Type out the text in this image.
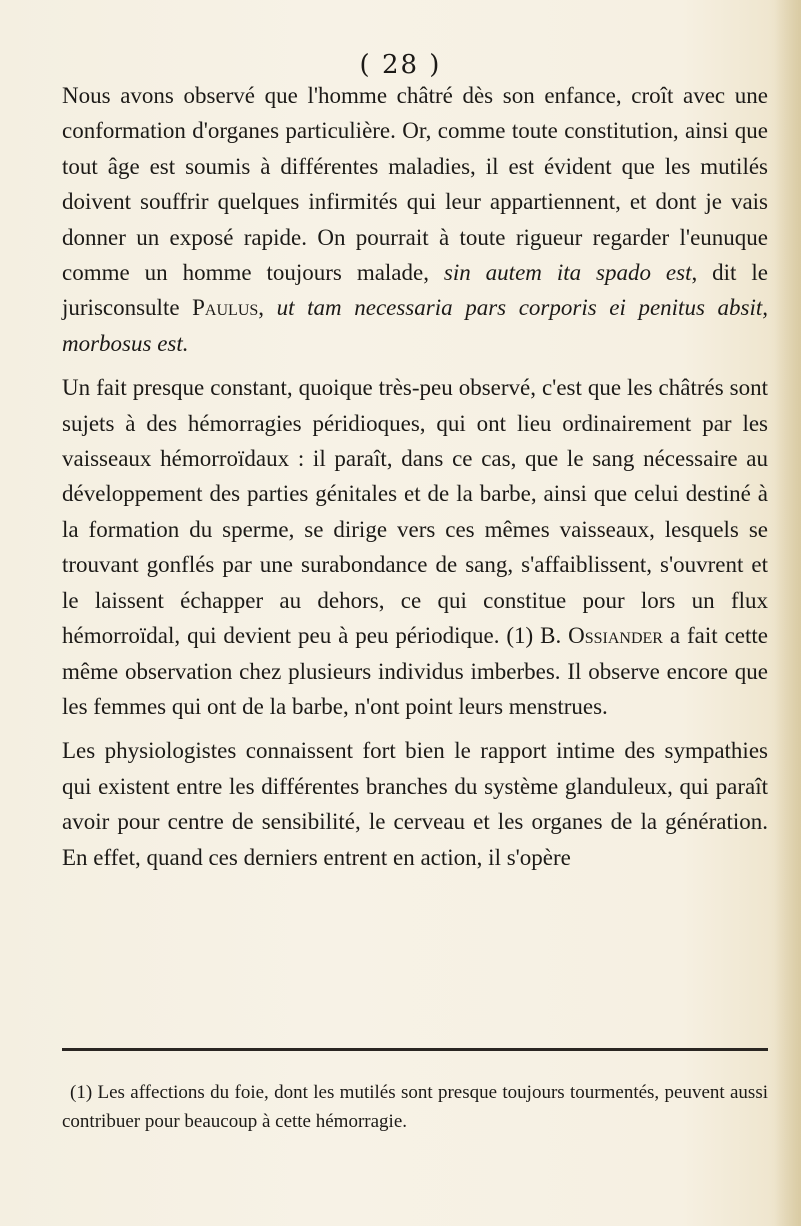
( 28 )

Nous avons observé que l'homme châtré dès son enfance, croît avec une conformation d'organes particulière. Or, comme toute constitution, ainsi que tout âge est soumis à différentes maladies, il est évident que les mutilés doivent souffrir quelques infirmités qui leur appartiennent, et dont je vais donner un exposé rapide. On pourrait à toute rigueur regarder l'eunuque comme un homme toujours malade, sin autem ita spado est, dit le jurisconsulte Paulus, ut tam necessaria pars corporis ei penitus absit, morbosus est.

Un fait presque constant, quoique très-peu observé, c'est que les châtrés sont sujets à des hémorragies péridioques, qui ont lieu ordinairement par les vaisseaux hémorroïdaux : il paraît, dans ce cas, que le sang nécessaire au développement des parties génitales et de la barbe, ainsi que celui destiné à la formation du sperme, se dirige vers ces mêmes vaisseaux, lesquels se trouvant gonflés par une surabondance de sang, s'affaiblissent, s'ouvrent et le laissent échapper au dehors, ce qui constitue pour lors un flux hémorroïdal, qui devient peu à peu périodique. (1) B. Ossiander a fait cette même observation chez plusieurs individus imberbes. Il observe encore que les femmes qui ont de la barbe, n'ont point leurs menstrues.

Les physiologistes connaissent fort bien le rapport intime des sympathies qui existent entre les différentes branches du système glanduleux, qui paraît avoir pour centre de sensibilité, le cerveau et les organes de la génération. En effet, quand ces derniers entrent en action, il s'opère

(1) Les affections du foie, dont les mutilés sont presque toujours tourmentés, peuvent aussi contribuer pour beaucoup à cette hémorragie.
